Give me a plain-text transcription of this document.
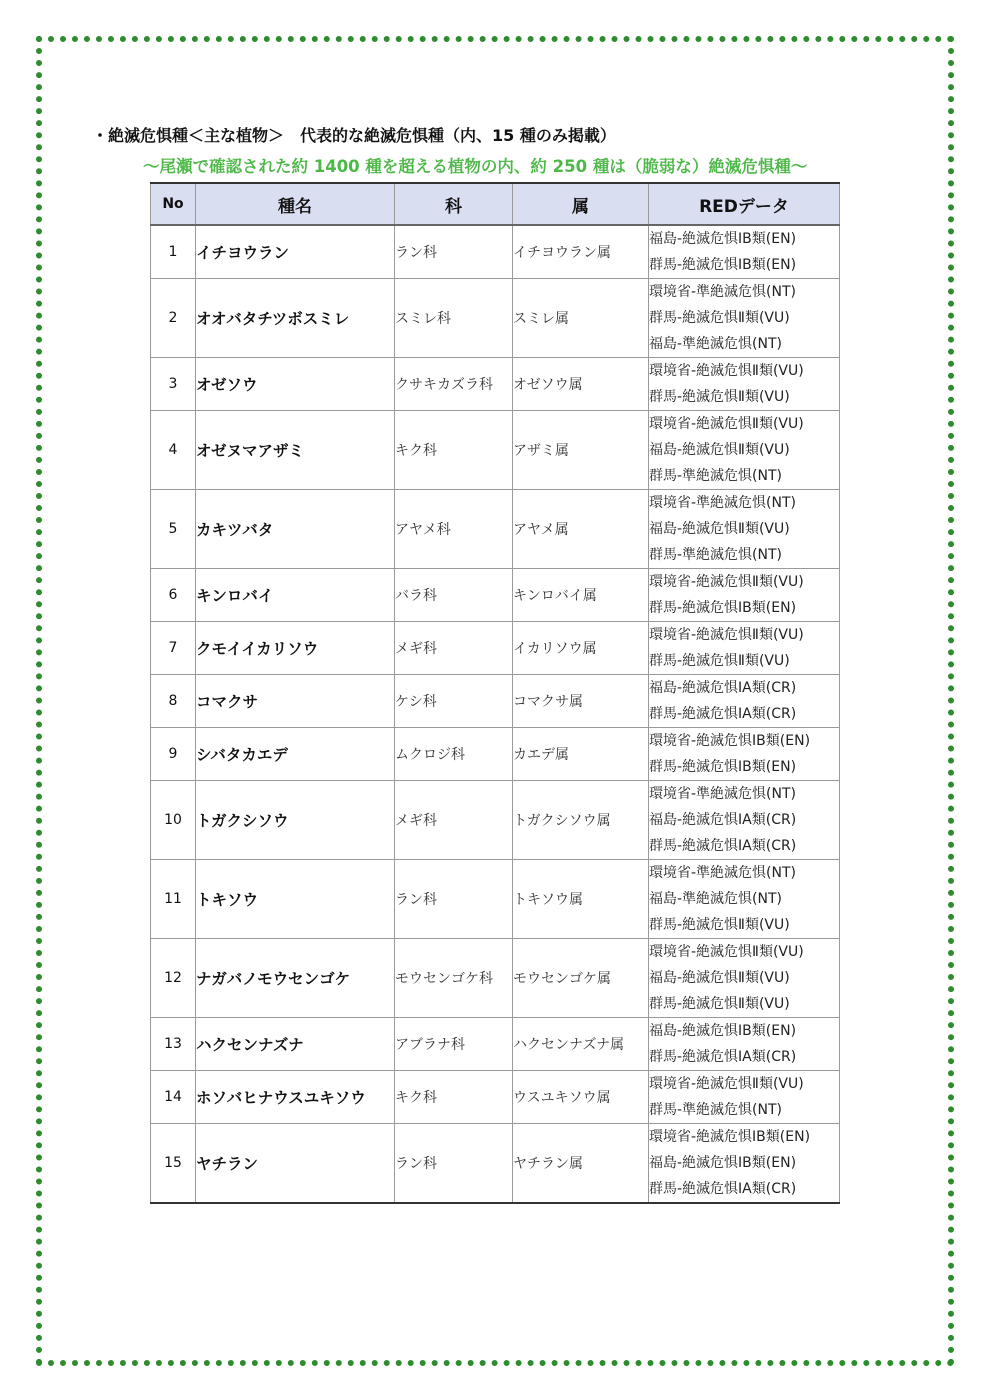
・絶滅危惧種＜主な植物＞　代表的な絶滅危惧種（内、15 種のみ掲載）
～尾瀬で確認された約 1400 種を超える植物の内、約 250 種は（脆弱な）絶滅危惧種～
No	種名	科	属	REDデータ
1	イチヨウラン	ラン科	イチヨウラン属	福島-絶滅危惧ⅠB類(EN)
群馬-絶滅危惧ⅠB類(EN)

2	オオバタチツボスミレ	スミレ科	スミレ属	環境省-準絶滅危惧(NT)
群馬-絶滅危惧Ⅱ類(VU)
福島-準絶滅危惧(NT)

3	オゼソウ	クサキカズラ科	オゼソウ属	環境省-絶滅危惧Ⅱ類(VU)
群馬-絶滅危惧Ⅱ類(VU)

4	オゼヌマアザミ	キク科	アザミ属	環境省-絶滅危惧Ⅱ類(VU)
福島-絶滅危惧Ⅱ類(VU)
群馬-準絶滅危惧(NT)

5	カキツバタ	アヤメ科	アヤメ属	環境省-準絶滅危惧(NT)
福島-絶滅危惧Ⅱ類(VU)
群馬-準絶滅危惧(NT)

6	キンロバイ	バラ科	キンロバイ属	環境省-絶滅危惧Ⅱ類(VU)
群馬-絶滅危惧ⅠB類(EN)

7	クモイイカリソウ	メギ科	イカリソウ属	環境省-絶滅危惧Ⅱ類(VU)
群馬-絶滅危惧Ⅱ類(VU)

8	コマクサ	ケシ科	コマクサ属	福島-絶滅危惧ⅠA類(CR)
群馬-絶滅危惧ⅠA類(CR)

9	シバタカエデ	ムクロジ科	カエデ属	環境省-絶滅危惧ⅠB類(EN)
群馬-絶滅危惧ⅠB類(EN)

10	トガクシソウ	メギ科	トガクシソウ属	環境省-準絶滅危惧(NT)
福島-絶滅危惧ⅠA類(CR)
群馬-絶滅危惧ⅠA類(CR)

11	トキソウ	ラン科	トキソウ属	環境省-準絶滅危惧(NT)
福島-準絶滅危惧(NT)
群馬-絶滅危惧Ⅱ類(VU)

12	ナガバノモウセンゴケ	モウセンゴケ科	モウセンゴケ属	環境省-絶滅危惧Ⅱ類(VU)
福島-絶滅危惧Ⅱ類(VU)
群馬-絶滅危惧Ⅱ類(VU)

13	ハクセンナズナ	アブラナ科	ハクセンナズナ属	福島-絶滅危惧ⅠB類(EN)
群馬-絶滅危惧ⅠA類(CR)

14	ホソバヒナウスユキソウ	キク科	ウスユキソウ属	環境省-絶滅危惧Ⅱ類(VU)
群馬-準絶滅危惧(NT)

15	ヤチラン	ラン科	ヤチラン属	環境省-絶滅危惧ⅠB類(EN)
福島-絶滅危惧ⅠB類(EN)
群馬-絶滅危惧ⅠA類(CR)
